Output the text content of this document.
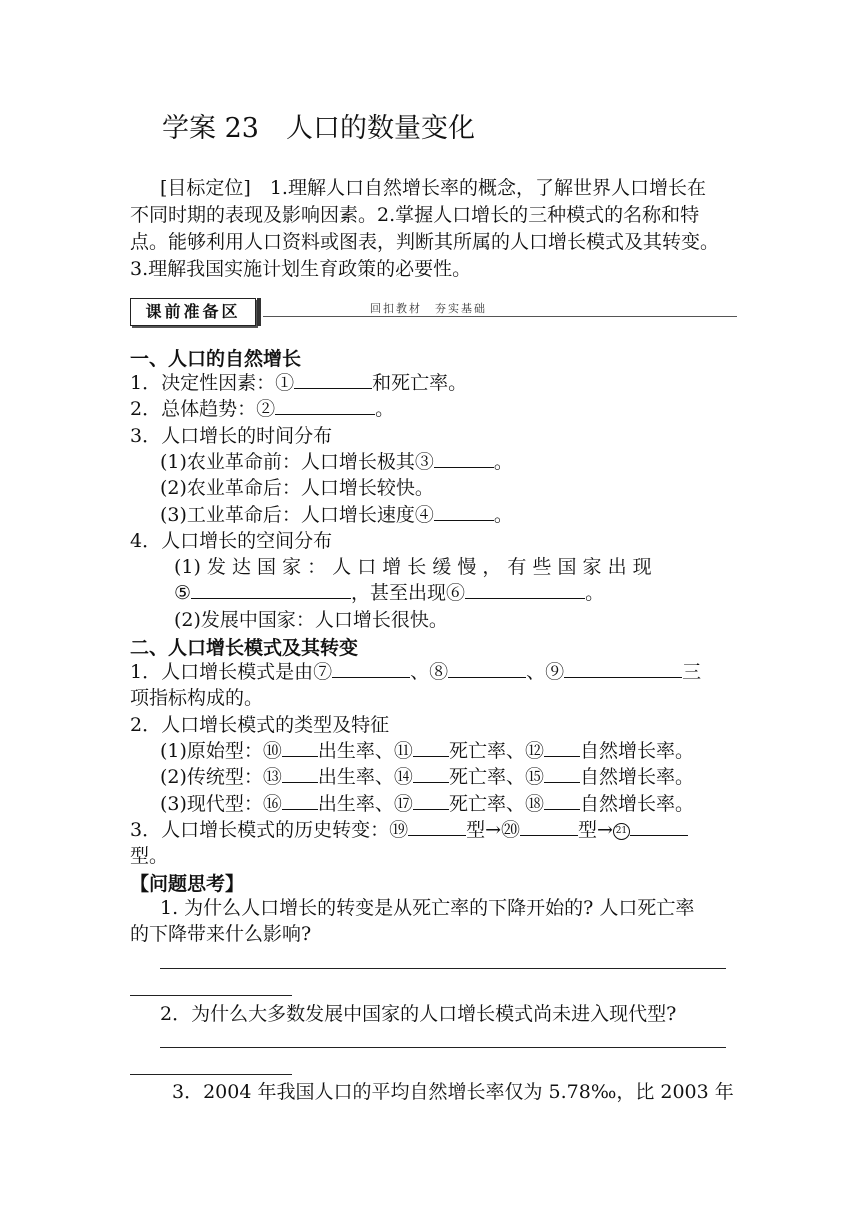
学案 23　人口的数量变化
[目标定位]　1.理解人口自然增长率的概念，了解世界人口增长在
不同时期的表现及影响因素。2.掌握人口增长的三种模式的名称和特
点。能够利用人口资料或图表，判断其所属的人口增长模式及其转变。
3.理解我国实施计划生育政策的必要性。
课前准备区	回扣教材　夯实基础
一、人口的自然增长
1．决定性因素：①	和死亡率。
2．总体趋势：②	。
3．人口增长的时间分布
(1)农业革命前：人口增长极其③	。
(2)农业革命后：人口增长较快。
(3)工业革命后：人口增长速度④	。
4．人口增长的空间分布
(1) 发 达 国 家 ： 人 口 增 长 缓 慢 ， 有 些 国 家 出 现
⑤	，甚至出现⑥	。
(2)发展中国家：人口增长很快。
二、人口增长模式及其转变
1．人口增长模式是由⑦	、⑧	、⑨	三
项指标构成的。
2．人口增长模式的类型及特征
(1)原始型：⑩ 出生率、⑪ 死亡率、⑫ 自然增长率。
(2)传统型：⑬ 出生率、⑭ 死亡率、⑮ 自然增长率。
(3)现代型：⑯ 出生率、⑰ 死亡率、⑱ 自然增长率。
3．人口增长模式的历史转变：⑲	型→⑳	型→ 21
型。
【问题思考】
1. 为什么人口增长的转变是从死亡率的下降开始的? 人口死亡率
的下降带来什么影响?
2．为什么大多数发展中国家的人口增长模式尚未进入现代型?
3．2004 年我国人口的平均自然增长率仅为 5.78‰，比 2003 年
